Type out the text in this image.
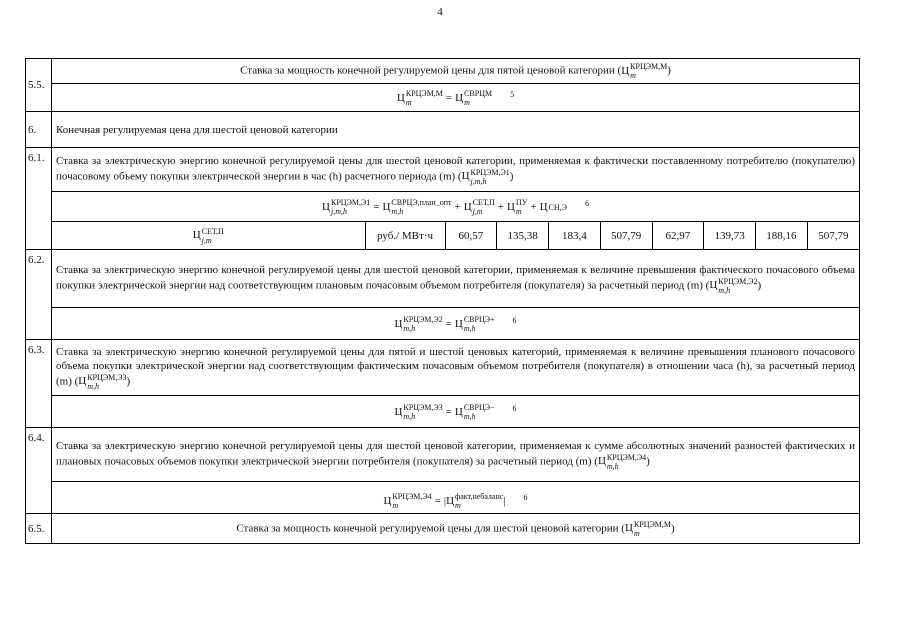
4
5.5.	Ставка за мощность конечной регулируемой цены для пятой ценовой категории (Ц КРЦЭМ,М
m	)
Ц КРЦЭМ,М
m	= Ц СВРЦМ
m
$^5$
6.	Конечная регулируемая цена для шестой ценовой категории
6.1.	Ставка за электрическую энергию конечной регулируемой цены для шестой ценовой категории, применяемая к фактически поставленному потребителю (покупателю) почасовому объему покупки электрической энергии в час (h) расчетного периода (m) (Ц КРЦЭМ,Э1
j,m,h	)
Ц КРЦЭМ,Э1
j,m,h	= Ц СВРЦЭ,план_опт
m,h	+ Ц СЕТ,П
j,m	+ Ц ПУ
m + Ц СН,Э $^6$

Ц СЕТ,П
j,m	руб./ МВт·ч	60,57	135,38	183,4	507,79	62,97	139,73	188,16	507,79

6.2.	Ставка за электрическую энергию конечной регулируемой цены для шестой ценовой категории, применяемая к величине превышения фактического почасового объема покупки электрической энергии над соответствующим плановым почасовым объемом потребителя (покупателя) за расчетный период (m) (Ц КРЦЭМ,Э2
m,h	)
Ц КРЦЭМ,Э2
m,h	= Ц СВРЦЭ+
m,h
$^6$
6.3.	Ставка за электрическую энергию конечной регулируемой цены для пятой и шестой ценовых категорий, применяемая к величине превышения планового почасового объема покупки электрической энергии над соответствующим фактическим почасовым объемом потребителя (покупателя) в отношении часа (h), за расчетный период (m) (Ц КРЦЭМ,Э3
m,h	)
Ц КРЦЭМ,Э3
m,h	= Ц СВРЦЭ−
m,h
$^6$
6.4.	Ставка за электрическую энергию конечной регулируемой цены для шестой ценовой категории, применяемая к сумме абсолютных значений разностей фактических и плановых почасовых объемов покупки электрической энергии потребителя (покупателя) за расчетный период (m) (Ц КРЦЭМ,Э4
m,h	)

Ц КРЦЭМ,Э4
m	= |Ц факт,небаланс
m	| $^6$
6.5.	Ставка за мощность конечной регулируемой цены для шестой ценовой категории (Ц КРЦЭМ,М
m	)
